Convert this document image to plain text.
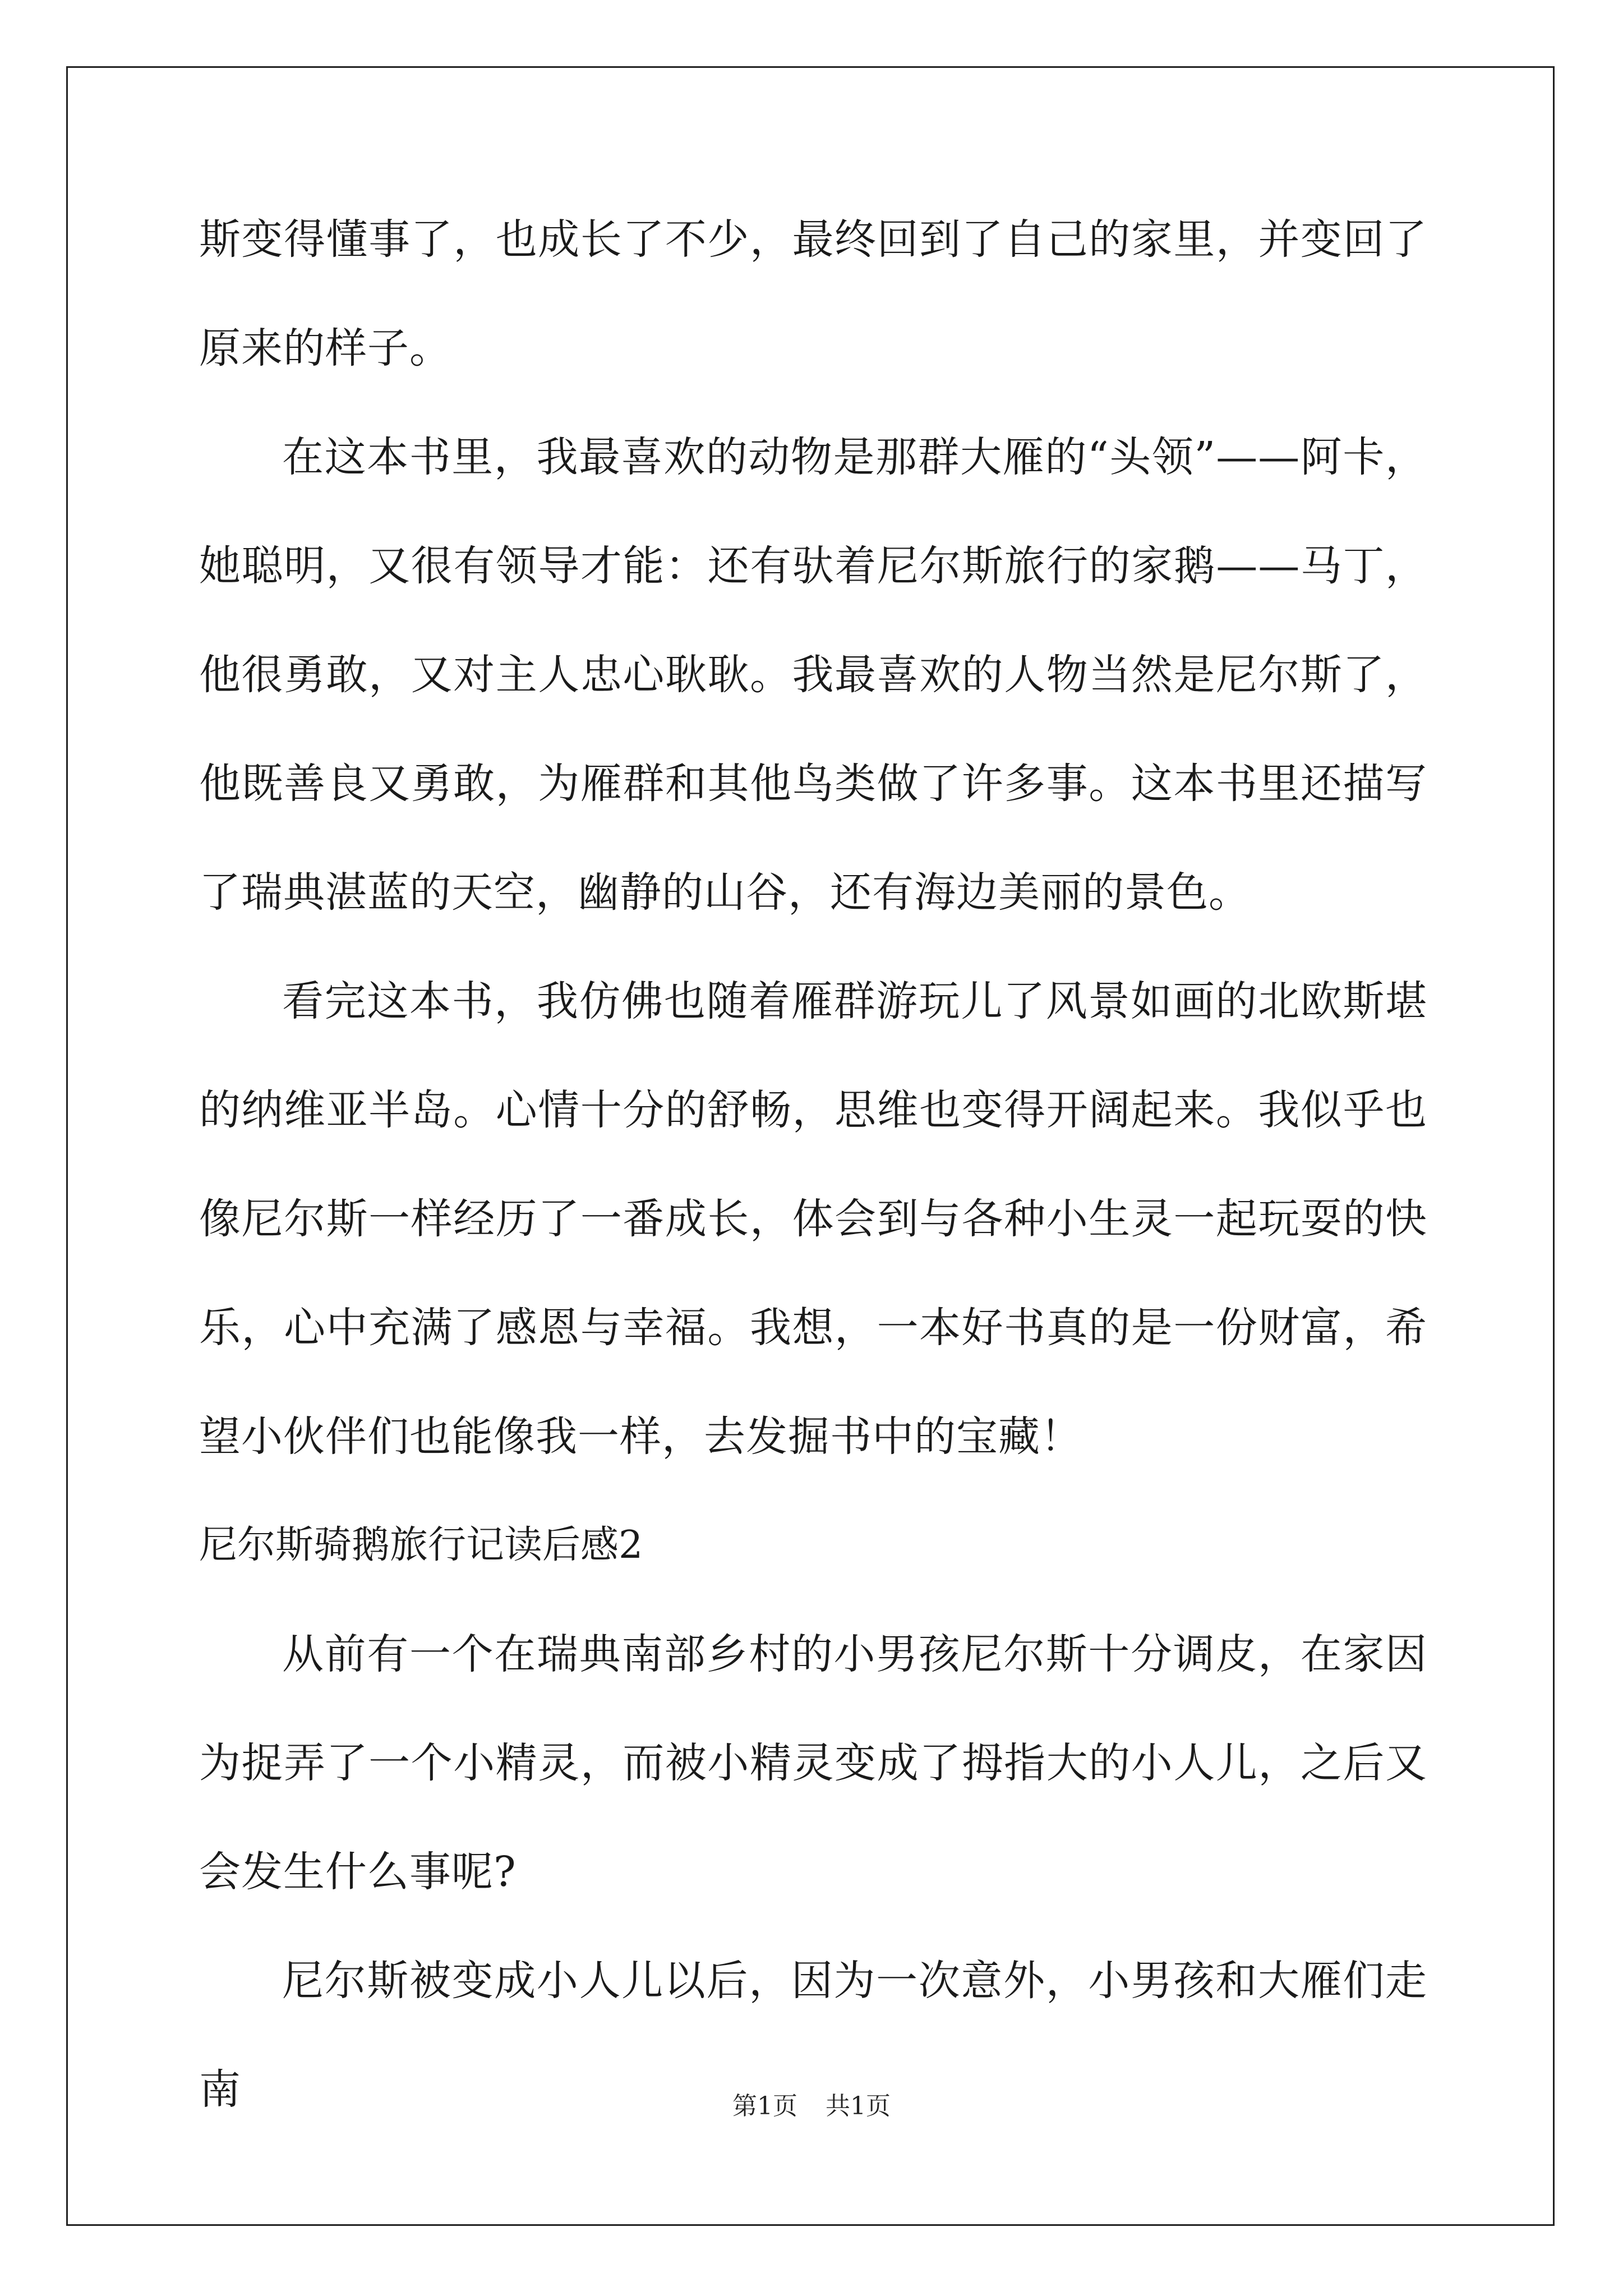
斯变得懂事了，也成长了不少，最终回到了自己的家里，并变回了原来的样子。

在这本书里，我最喜欢的动物是那群大雁的“头领”——阿卡，她聪明，又很有领导才能：还有驮着尼尔斯旅行的家鹅——马丁，他很勇敢，又对主人忠心耿耿。我最喜欢的人物当然是尼尔斯了，他既善良又勇敢，为雁群和其他鸟类做了许多事。这本书里还描写了瑞典湛蓝的天空，幽静的山谷，还有海边美丽的景色。

看完这本书，我仿佛也随着雁群游玩儿了风景如画的北欧斯堪的纳维亚半岛。心情十分的舒畅，思维也变得开阔起来。我似乎也像尼尔斯一样经历了一番成长，体会到与各种小生灵一起玩耍的快乐，心中充满了感恩与幸福。我想，一本好书真的是一份财富，希望小伙伴们也能像我一样，去发掘书中的宝藏！

尼尔斯骑鹅旅行记读后感2

从前有一个在瑞典南部乡村的小男孩尼尔斯十分调皮，在家因为捉弄了一个小精灵，而被小精灵变成了拇指大的小人儿，之后又会发生什么事呢?

尼尔斯被变成小人儿以后，因为一次意外，小男孩和大雁们走南	第1页 共1页
